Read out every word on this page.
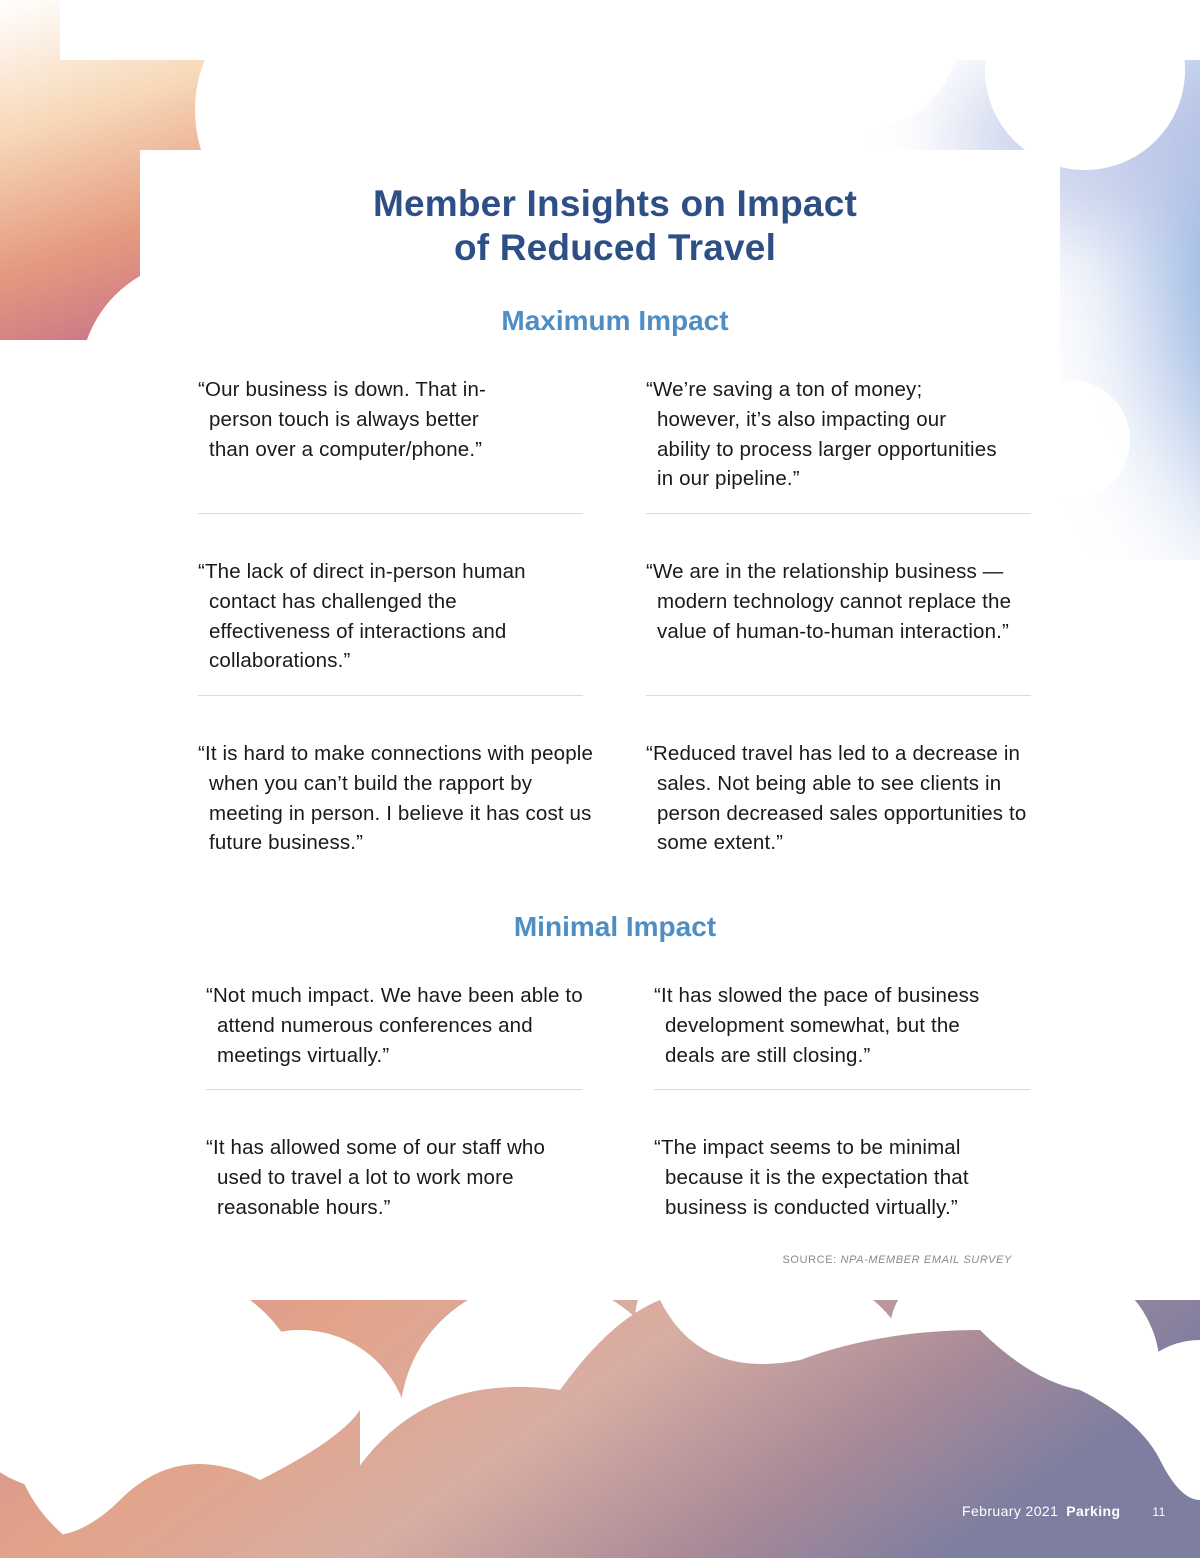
Member Insights on Impact
of Reduced Travel
Maximum Impact

“Our business is down. That in-person touch is always better than over a computer/phone.”

“We’re saving a ton of money; however, it’s also impacting our ability to process larger opportunities in our pipeline.”

“The lack of direct in-person human contact has challenged the effectiveness of interactions and collaborations.”

“We are in the relationship business — modern technology cannot replace the value of human-to-human interaction.”

“It is hard to make connections with people when you can’t build the rapport by meeting in person. I believe it has cost us future business.”

“Reduced travel has led to a decrease in sales. Not being able to see clients in person decreased sales opportunities to some extent.”

Minimal Impact

“Not much impact. We have been able to attend numerous conferences and meetings virtually.”

“It has slowed the pace of business development somewhat, but the deals are still closing.”

“It has allowed some of our staff who used to travel a lot to work more reasonable hours.”

“The impact seems to be minimal because it is the expectation that business is conducted virtually.”

SOURCE: NPA-MEMBER EMAIL SURVEY
February 2021 Parking	11
